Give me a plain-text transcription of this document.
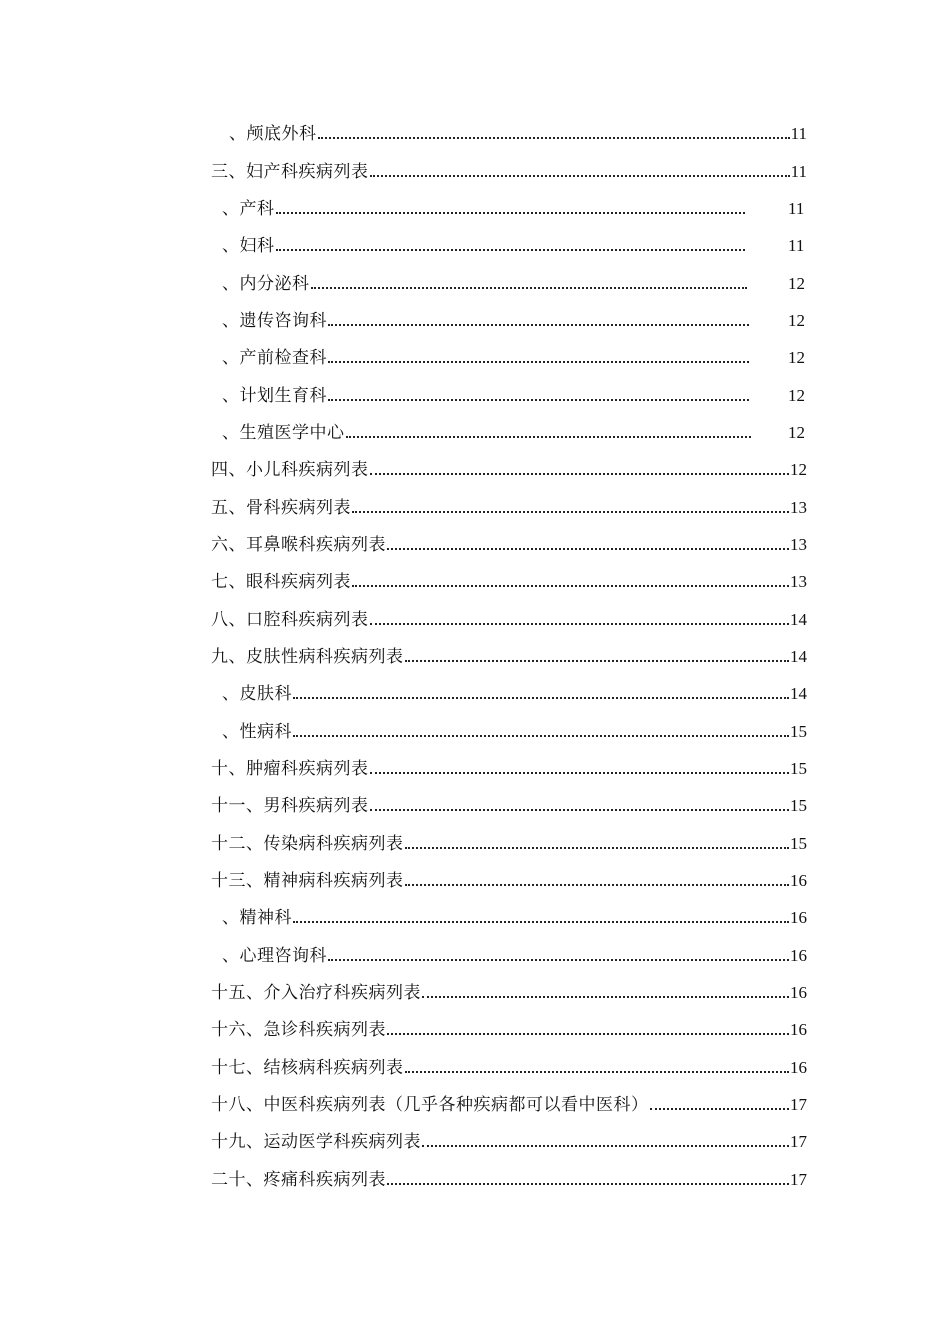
、颅底外科	11
三、妇产科疾病列表	11
、产科	11
、妇科	11
、内分泌科	12
、遗传咨询科	12
、产前检查科	12
、计划生育科	12
、生殖医学中心	12
四、小儿科疾病列表	12
五、骨科疾病列表	13
六、耳鼻喉科疾病列表	13
七、眼科疾病列表	13
八、口腔科疾病列表	14
九、皮肤性病科疾病列表	14
、皮肤科	14
、性病科	15
十、肿瘤科疾病列表	15
十一、男科疾病列表	15
十二、传染病科疾病列表	15
十三、精神病科疾病列表	16
、精神科	16
、心理咨询科	16
十五、介入治疗科疾病列表	16
十六、急诊科疾病列表	16
十七、结核病科疾病列表	16
十八、中医科疾病列表（几乎各种疾病都可以看中医科）	17
十九、运动医学科疾病列表	17
二十、疼痛科疾病列表	17
